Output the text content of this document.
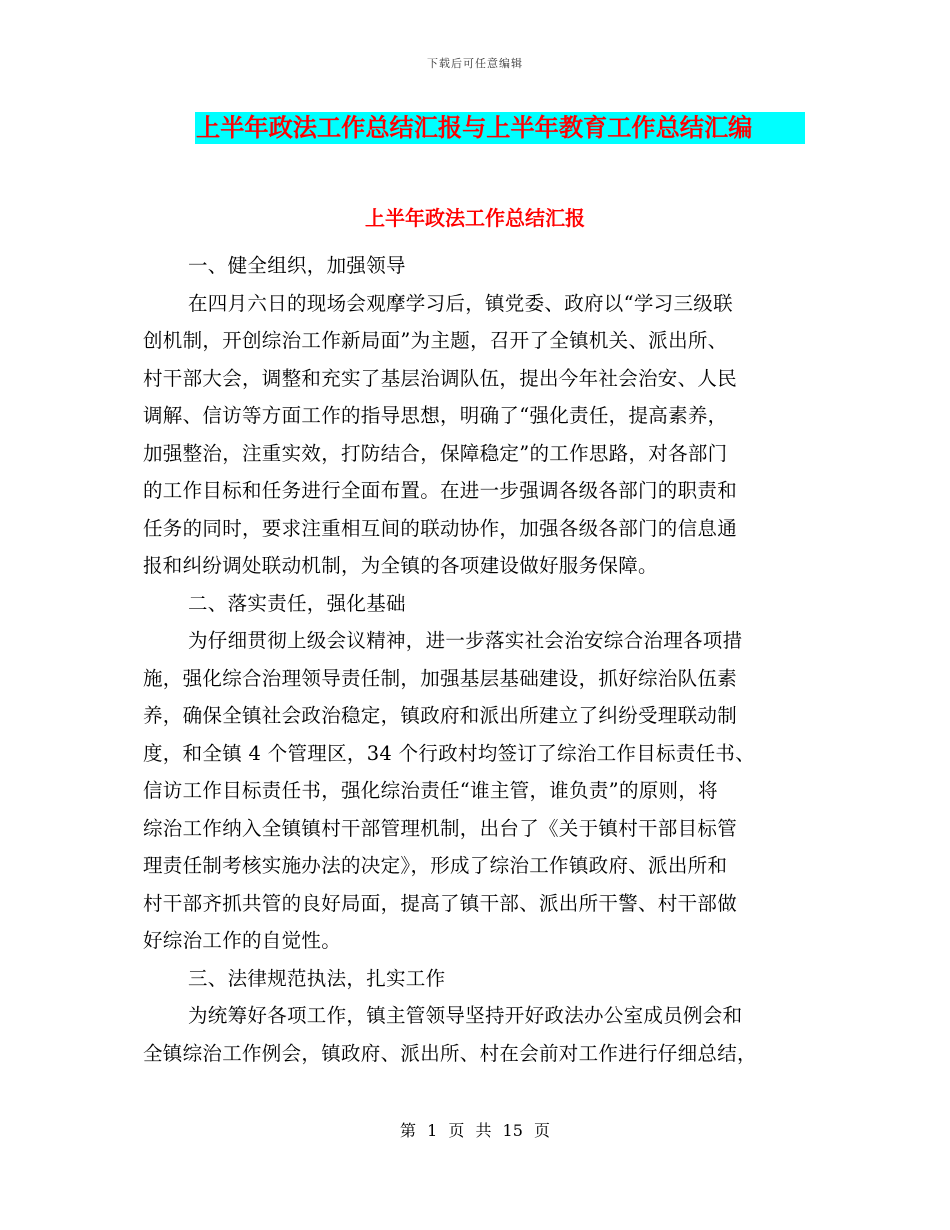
下载后可任意编辑
上半年政法工作总结汇报与上半年教育工作总结汇编
上半年政法工作总结汇报
一、健全组织，加强领导
在四月六日的现场会观摩学习后，镇党委、政府以“学习三级联
创机制，开创综治工作新局面”为主题，召开了全镇机关、派出所、
村干部大会，调整和充实了基层治调队伍，提出今年社会治安、人民
调解、信访等方面工作的指导思想，明确了“强化责任，提高素养，
加强整治，注重实效，打防结合，保障稳定”的工作思路，对各部门
的工作目标和任务进行全面布置。在进一步强调各级各部门的职责和
任务的同时，要求注重相互间的联动协作，加强各级各部门的信息通
报和纠纷调处联动机制，为全镇的各项建设做好服务保障。
二、落实责任，强化基础
为仔细贯彻上级会议精神，进一步落实社会治安综合治理各项措
施，强化综合治理领导责任制，加强基层基础建设，抓好综治队伍素
养，确保全镇社会政治稳定，镇政府和派出所建立了纠纷受理联动制
度，和全镇 4 个管理区，34 个行政村均签订了综治工作目标责任书、
信访工作目标责任书，强化综治责任“谁主管，谁负责”的原则，将
综治工作纳入全镇镇村干部管理机制，出台了《关于镇村干部目标管
理责任制考核实施办法的决定》，形成了综治工作镇政府、派出所和
村干部齐抓共管的良好局面，提高了镇干部、派出所干警、村干部做
好综治工作的自觉性。
三、法律规范执法，扎实工作
为统筹好各项工作，镇主管领导坚持开好政法办公室成员例会和
全镇综治工作例会，镇政府、派出所、村在会前对工作进行仔细总结，
第 1 页 共 15 页
